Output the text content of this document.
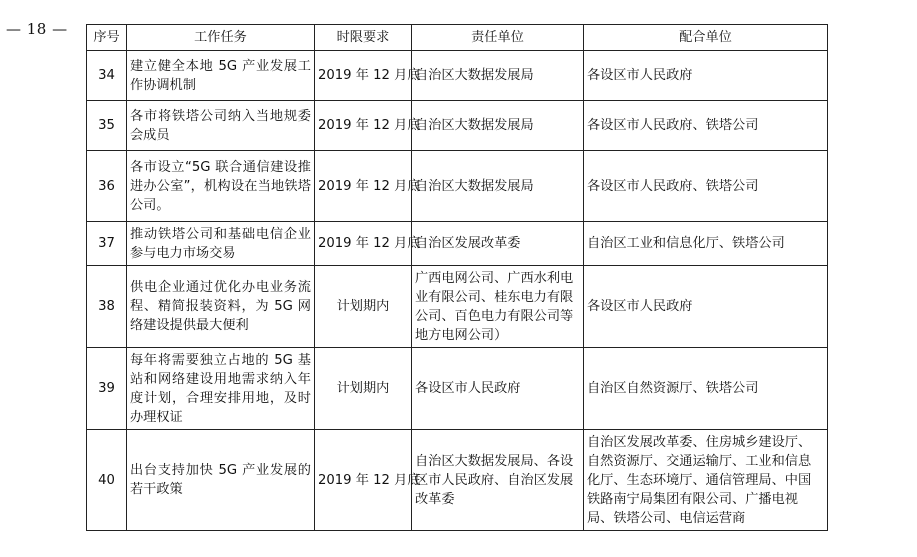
— 18 — 序号	工作任务	时限要求	责任单位	配合单位
34	建立健全本地 5G 产业发展工作协调机制	2019 年 12 月底	自治区大数据发展局	各设区市人民政府
35	各市将铁塔公司纳入当地规委会成员	2019 年 12 月底	自治区大数据发展局	各设区市人民政府、铁塔公司
36	各市设立“5G 联合通信建设推进办公室”，机构设在当地铁塔公司。	2019 年 12 月底	自治区大数据发展局	各设区市人民政府、铁塔公司
37	推动铁塔公司和基础电信企业参与电力市场交易	2019 年 12 月底	自治区发展改革委	自治区工业和信息化厅、铁塔公司
38	供电企业通过优化办电业务流程、精简报装资料，为 5G 网络建设提供最大便利	计划期内	广西电网公司、广西水利电业有限公司、桂东电力有限公司、百色电力有限公司等地方电网公司）	各设区市人民政府
39	每年将需要独立占地的 5G 基站和网络建设用地需求纳入年度计划，合理安排用地，及时办理权证	计划期内	各设区市人民政府	自治区自然资源厅、铁塔公司
40	出台支持加快 5G 产业发展的若干政策	2019 年 12 月底	自治区大数据发展局、各设区市人民政府、自治区发展改革委	自治区发展改革委、住房城乡建设厅、自然资源厅、交通运输厅、工业和信息化厅、生态环境厅、通信管理局、中国铁路南宁局集团有限公司、广播电视局、铁塔公司、电信运营商
